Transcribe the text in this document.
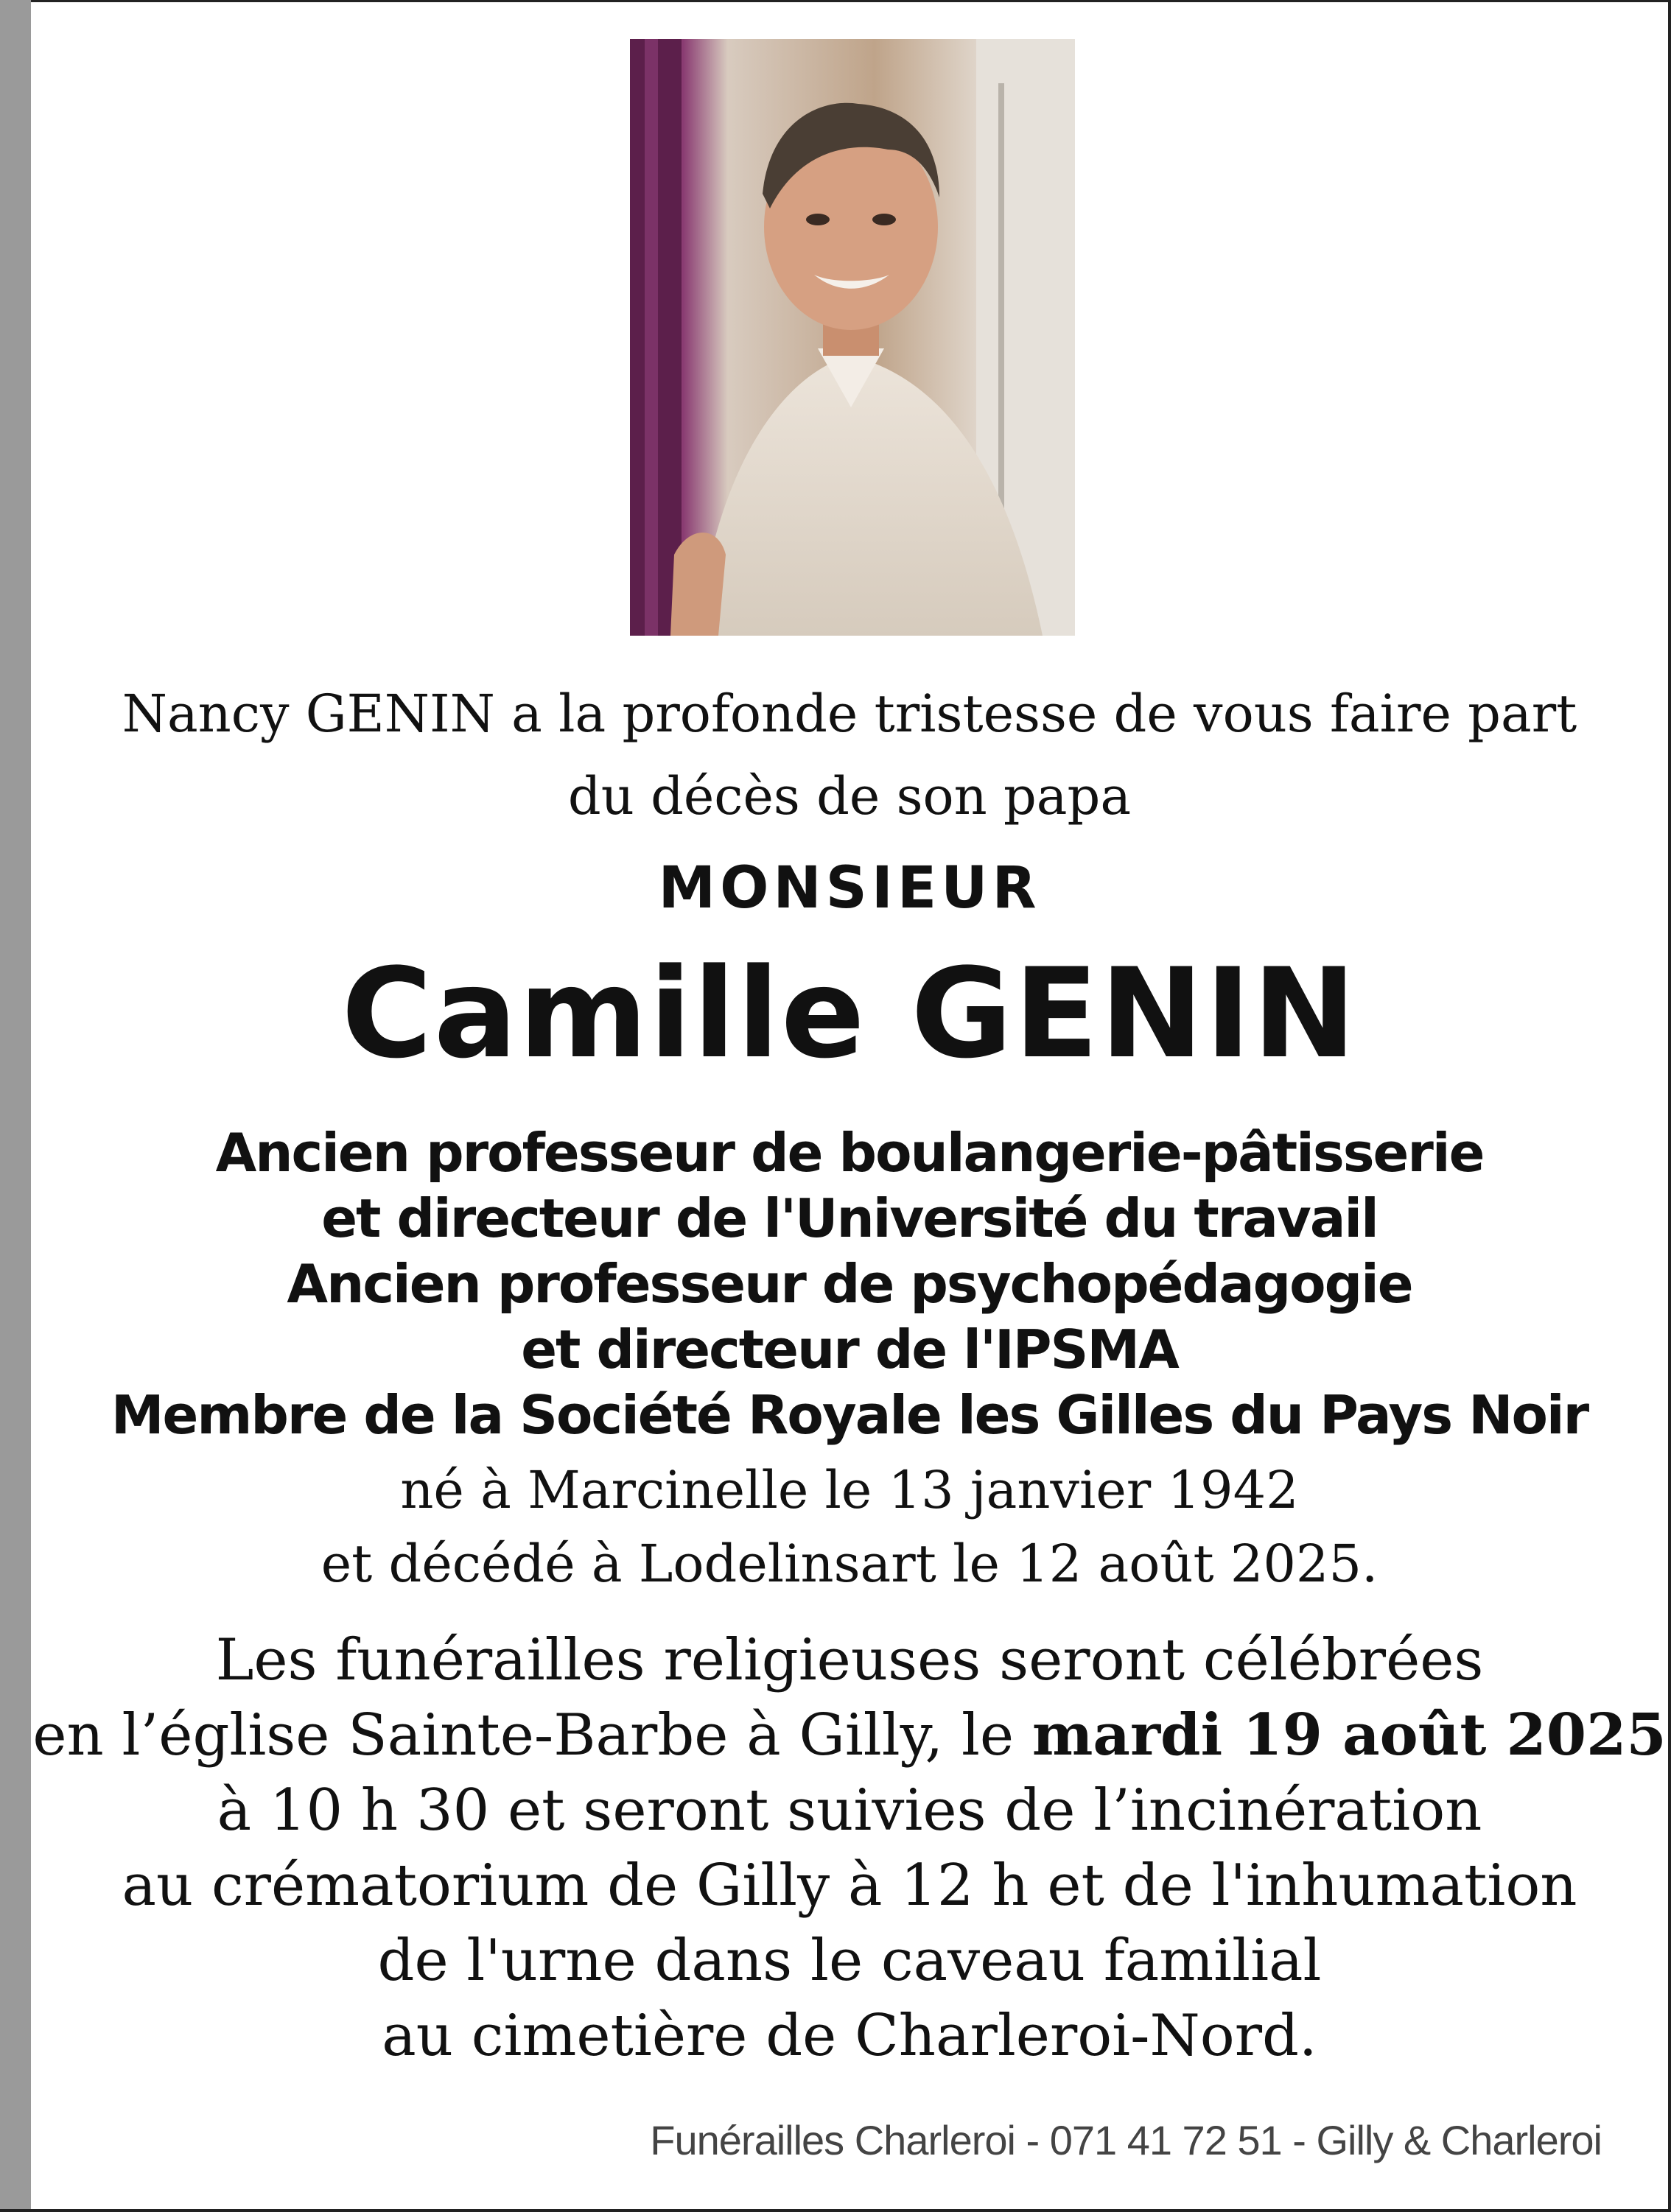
Nancy GENIN a la profonde tristesse de vous faire part
du décès de son papa
MONSIEUR
Camille GENIN
Ancien professeur de boulangerie-pâtisserie
et directeur de l'Université du travail
Ancien professeur de psychopédagogie
et directeur de l'IPSMA
Membre de la Société Royale les Gilles du Pays Noir
né à Marcinelle le 13 janvier 1942
et décédé à Lodelinsart le 12 août 2025.
Les funérailles religieuses seront célébrées
en l’église Sainte-Barbe à Gilly, le mardi 19 août 2025
à 10 h 30 et seront suivies de l’incinération
au crématorium de Gilly à 12 h et de l'inhumation
de l'urne dans le caveau familial
au cimetière de Charleroi-Nord.
Funérailles Charleroi - 071 41 72 51 - Gilly & Charleroi
